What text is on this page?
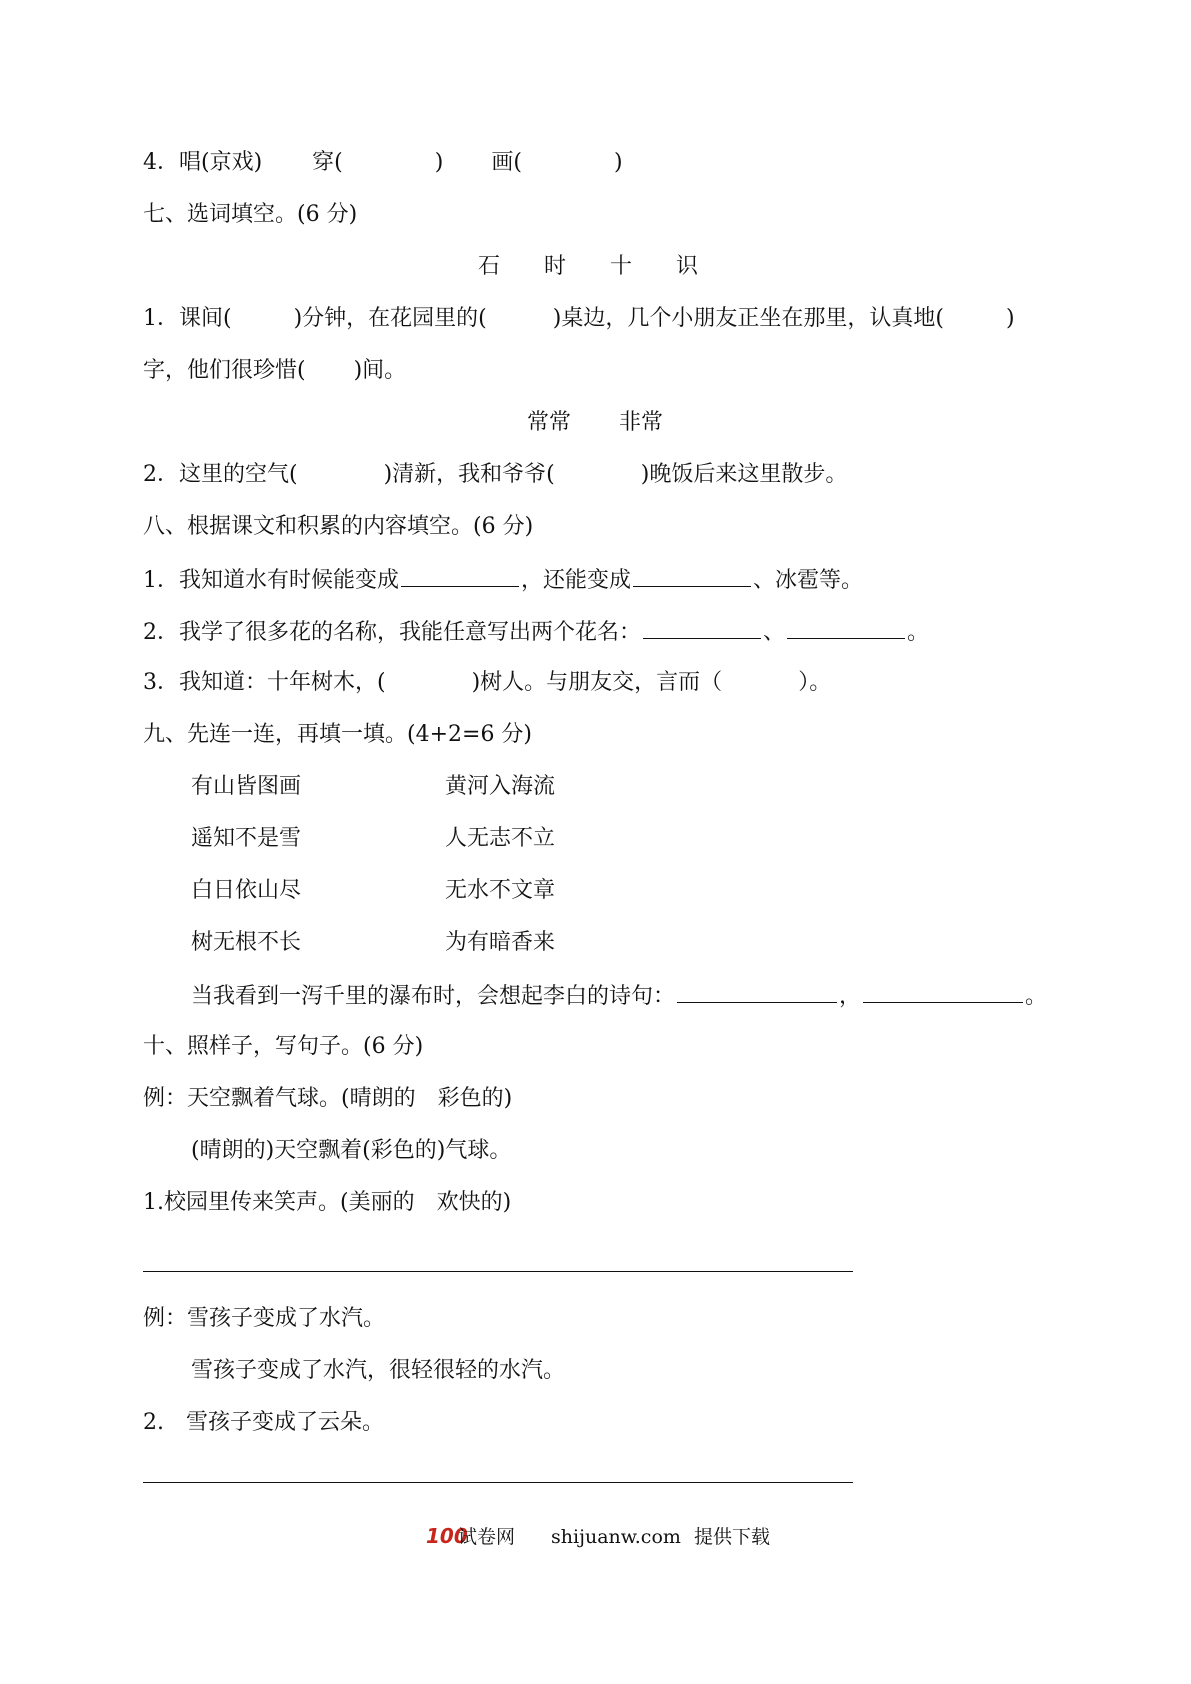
4．唱(京戏) 穿(	) 画(	)
七、选词填空。(6 分)
石 时 十 识
1．课间(	)分钟，在花园里的(	)桌边，几个小朋友正坐在那里，认真地(	)
字，他们很珍惜( )间。
常常 非常
2．这里的空气(	)清新，我和爷爷(	)晚饭后来这里散步。
八、根据课文和积累的内容填空。(6 分)
1．我知道水有时候能变成	，还能变成	、冰雹等。
2．我学了很多花的名称，我能任意写出两个花名：	、	。
3．我知道：十年树木，(	)树人。与朋友交，言而（	）。
九、先连一连，再填一填。(4+2=6 分)
有山皆图画	黄河入海流
遥知不是雪	人无志不立
白日依山尽	无水不文章
树无根不长	为有暗香来
当我看到一泻千里的瀑布时，会想起李白的诗句：	，	。
十、照样子，写句子。(6 分)
例：天空飘着气球。(晴朗的　彩色的)
(晴朗的)天空飘着(彩色的)气球。
1.校园里传来笑声。(美丽的　欢快的)
例：雪孩子变成了水汽。
雪孩子变成了水汽，很轻很轻的水汽。
2.　雪孩子变成了云朵。
100
试卷网 shijuanw.com 提供下载
